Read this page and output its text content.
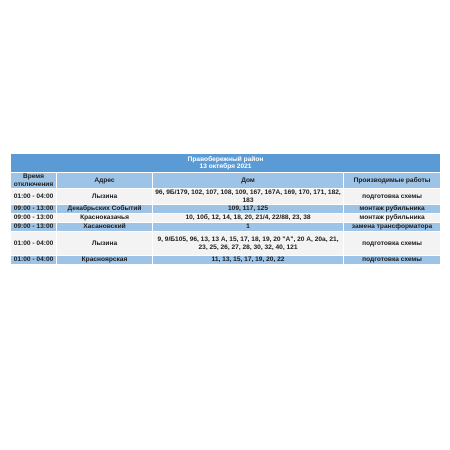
Правобережный район
13 октября 2021			

Время отключения	Адрес	Дом	Производимые работы
01:00 - 04:00	Лызина	96, 9Б/179, 102, 107, 108, 109, 167, 167А, 169, 170, 171, 182, 183	подготовка схемы
09:00 - 13:00	Декабрьских Событий	109, 117, 125	монтаж рубильника
09:00 - 13:00	Красноказачья	10, 10б, 12, 14, 18, 20, 21/4, 22/88, 23, 38	монтаж рубильника
09:00 - 13:00	Хасановский	1	замена трансформатора
01:00 - 04:00	Лызина	9, 9/Б105, 96, 13, 13 А, 15, 17, 18, 19, 20 "А", 20 А, 20а, 21, 23, 25, 26, 27, 28, 30, 32, 40, 121	подготовка схемы
01:00 - 04:00	Красноярская	11, 13, 15, 17, 19, 20, 22	подготовка схемы
